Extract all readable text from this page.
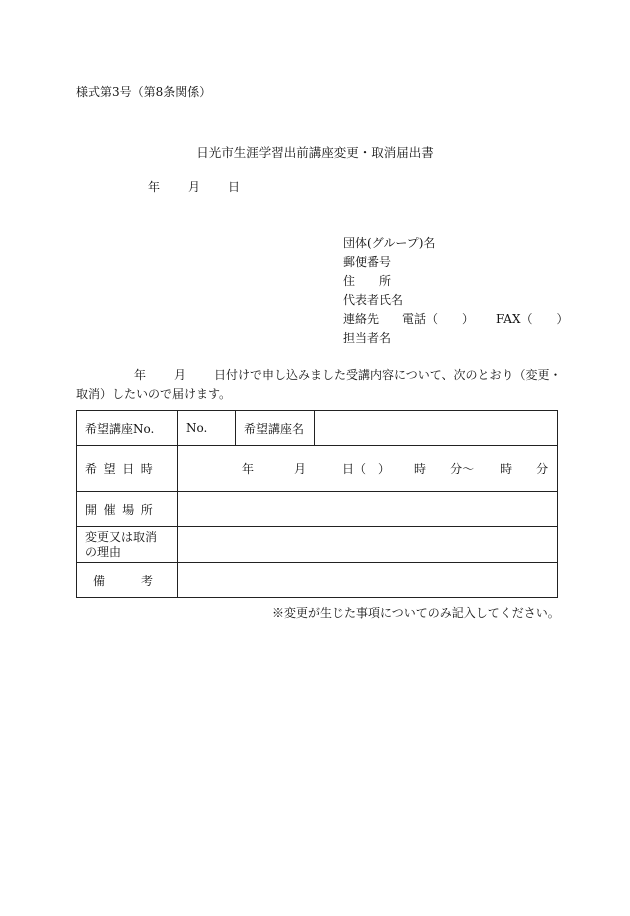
様式第3号（第8条関係）
日光市生涯学習出前講座変更・取消届出書
年 月 日
団体(グループ)名
郵便番号
住　　所
代表者氏名
連絡先 電話（　　） FAX（　　）
担当者名
年 月 日付けで申し込みました受講内容について、次のとおり（変更・取消）したいので届けます。
希望講座No.	No.	希望講座名	
希望日時	年 月 日（　） 時 分～ 時 分		
開催場所			

変更又は取消
の理由			

備　　　考			
※変更が生じた事項についてのみ記入してください。
